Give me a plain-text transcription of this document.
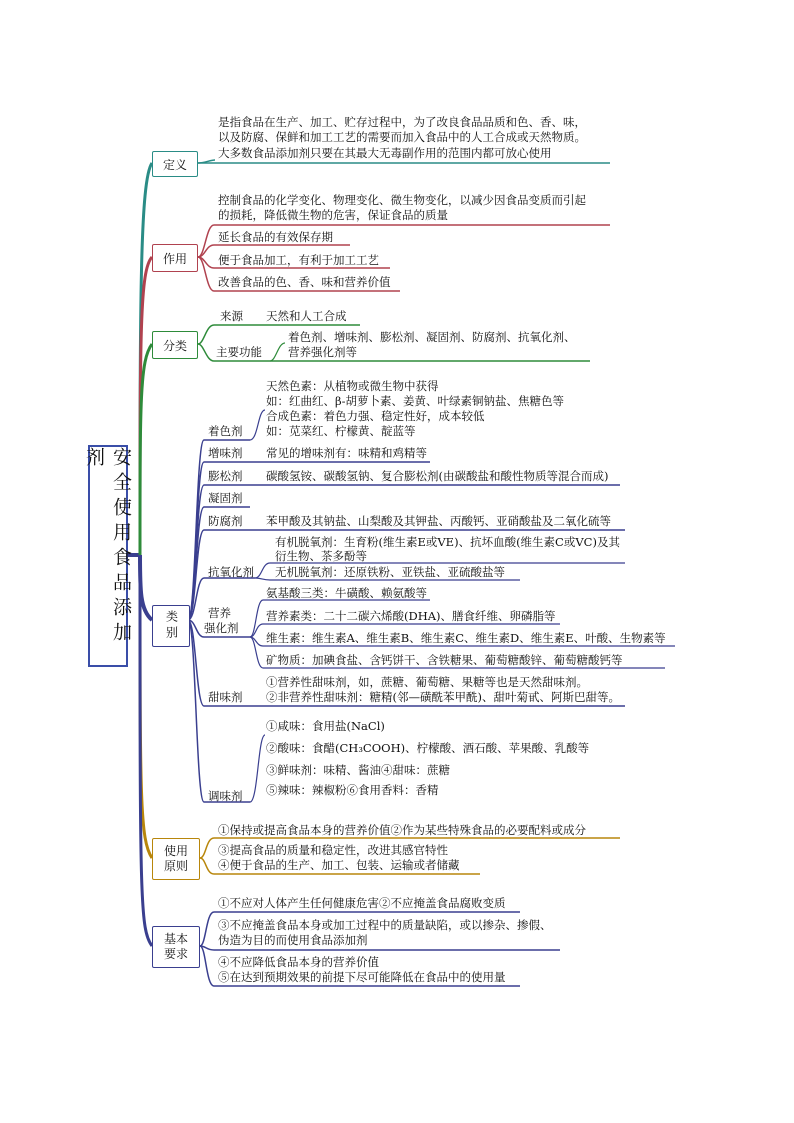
安全使用食品添加剂
定义
是指食品在生产、加工、贮存过程中，为了改良食品品质和色、香、味，
以及防腐、保鲜和加工工艺的需要而加入食品中的人工合成或天然物质。
大多数食品添加剂只要在其最大无毒副作用的范围内都可放心使用
作用
控制食品的化学变化、物理变化、微生物变化，以减少因食品变质而引起
的损耗，降低微生物的危害，保证食品的质量
延长食品的有效保存期
便于食品加工，有利于加工工艺
改善食品的色、香、味和营养价值
分类
来源 天然和人工合成
主要功能
着色剂、增味剂、膨松剂、凝固剂、防腐剂、抗氧化剂、
营养强化剂等
类别
着色剂
天然色素：从植物或微生物中获得
如：红曲红、β-胡萝卜素、姜黄、叶绿素铜钠盐、焦糖色等
合成色素：着色力强、稳定性好，成本较低
如：苋菜红、柠檬黄、靛蓝等
增味剂 常见的增味剂有：味精和鸡精等
膨松剂 碳酸氢铵、碳酸氢钠、复合膨松剂(由碳酸盐和酸性物质等混合而成)
凝固剂
防腐剂 苯甲酸及其钠盐、山梨酸及其钾盐、丙酸钙、亚硝酸盐及二氧化硫等
抗氧化剂
有机脱氧剂：生育粉(维生素E或VE)、抗坏血酸(维生素C或VC)及其
衍生物、茶多酚等
无机脱氧剂：还原铁粉、亚铁盐、亚硫酸盐等
营养
强化剂
氨基酸三类：牛磺酸、赖氨酸等
营养素类：二十二碳六烯酸(DHA)、膳食纤维、卵磷脂等
维生素：维生素A、维生素B、维生素C、维生素D、维生素E、叶酸、生物素等
矿物质：加碘食盐、含钙饼干、含铁糖果、葡萄糖酸锌、葡萄糖酸钙等
甜味剂
①营养性甜味剂，如，蔗糖、葡萄糖、果糖等也是天然甜味剂。
②非营养性甜味剂：糖精(邻—磺酰苯甲酰)、甜叶菊甙、阿斯巴甜等。
调味剂
①咸味：食用盐(NaCl)
②酸味：食醋(CH₃COOH)、柠檬酸、酒石酸、苹果酸、乳酸等
③鲜味剂：味精、酱油④甜味：蔗糖
⑤辣味：辣椒粉⑥食用香料：香精
使用
原则
①保持或提高食品本身的营养价值②作为某些特殊食品的必要配料或成分
③提高食品的质量和稳定性，改进其感官特性
④便于食品的生产、加工、包装、运输或者储藏
基本
要求
①不应对人体产生任何健康危害②不应掩盖食品腐败变质
③不应掩盖食品本身或加工过程中的质量缺陷，或以掺杂、掺假、
伪造为目的而使用食品添加剂
④不应降低食品本身的营养价值
⑤在达到预期效果的前提下尽可能降低在食品中的使用量
